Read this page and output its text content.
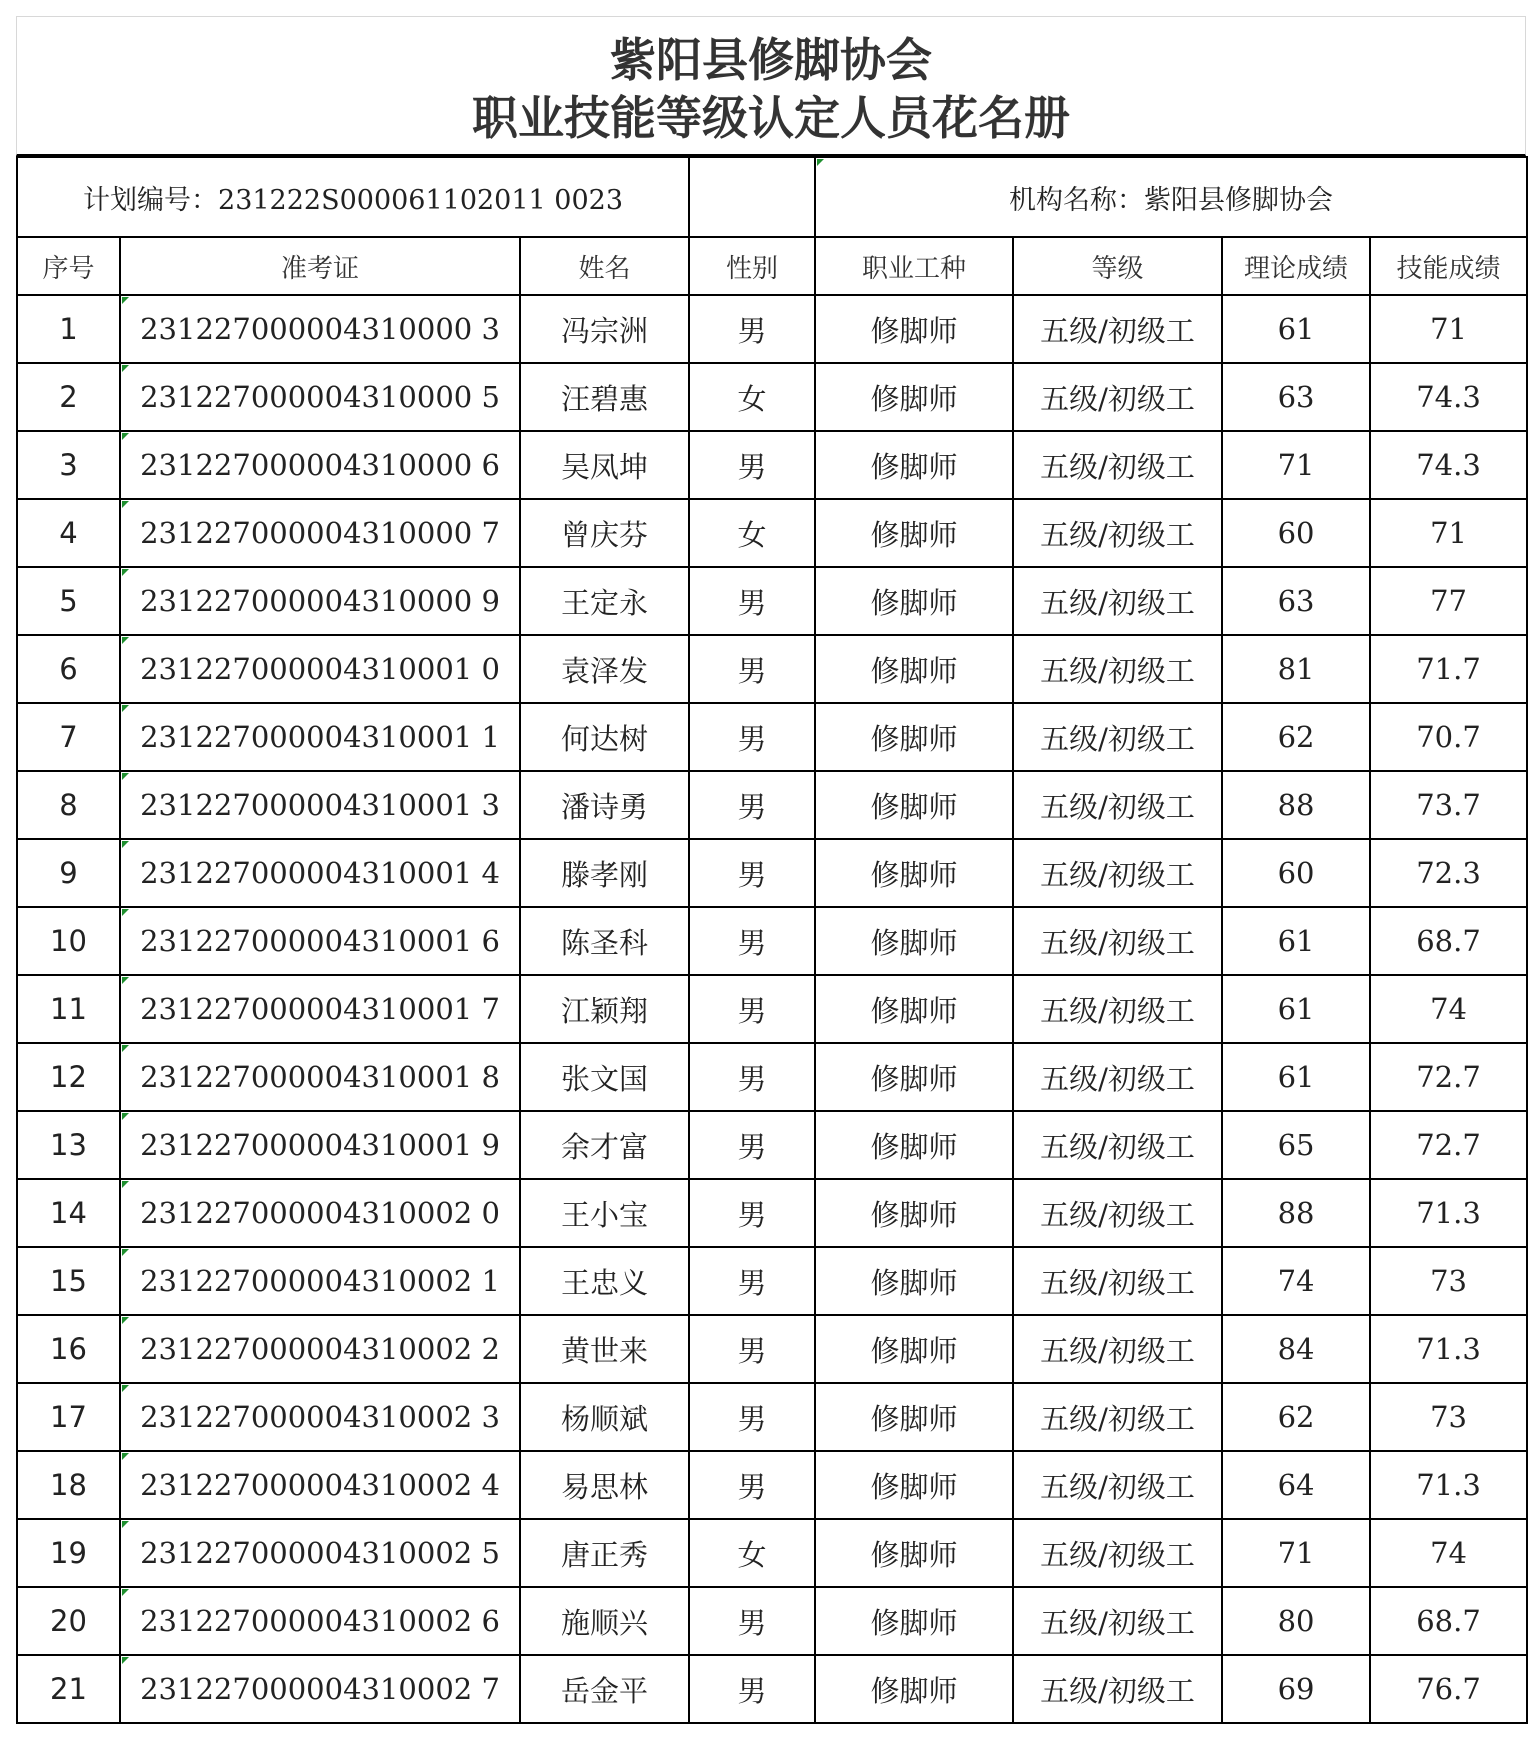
紫阳县修脚协会
职业技能等级认定人员花名册
计划编号：231222S000061102011 0023				机构名称：紫阳县修脚协会			
序号	准考证	姓名	性别	职业工种	等级	理论成绩	技能成绩
1	231227000004310000 3	冯宗洲	男	修脚师	五级/初级工	61	71
2	231227000004310000 5	汪碧惠	女	修脚师	五级/初级工	63	74.3
3	231227000004310000 6	吴凤坤	男	修脚师	五级/初级工	71	74.3
4	231227000004310000 7	曾庆芬	女	修脚师	五级/初级工	60	71
5	231227000004310000 9	王定永	男	修脚师	五级/初级工	63	77
6	231227000004310001 0	袁泽发	男	修脚师	五级/初级工	81	71.7
7	231227000004310001 1	何达树	男	修脚师	五级/初级工	62	70.7
8	231227000004310001 3	潘诗勇	男	修脚师	五级/初级工	88	73.7
9	231227000004310001 4	滕孝刚	男	修脚师	五级/初级工	60	72.3
10	231227000004310001 6	陈圣科	男	修脚师	五级/初级工	61	68.7
11	231227000004310001 7	江颖翔	男	修脚师	五级/初级工	61	74
12	231227000004310001 8	张文国	男	修脚师	五级/初级工	61	72.7
13	231227000004310001 9	余才富	男	修脚师	五级/初级工	65	72.7
14	231227000004310002 0	王小宝	男	修脚师	五级/初级工	88	71.3
15	231227000004310002 1	王忠义	男	修脚师	五级/初级工	74	73
16	231227000004310002 2	黄世来	男	修脚师	五级/初级工	84	71.3
17	231227000004310002 3	杨顺斌	男	修脚师	五级/初级工	62	73
18	231227000004310002 4	易思林	男	修脚师	五级/初级工	64	71.3
19	231227000004310002 5	唐正秀	女	修脚师	五级/初级工	71	74
20	231227000004310002 6	施顺兴	男	修脚师	五级/初级工	80	68.7
21	231227000004310002 7	岳金平	男	修脚师	五级/初级工	69	76.7
